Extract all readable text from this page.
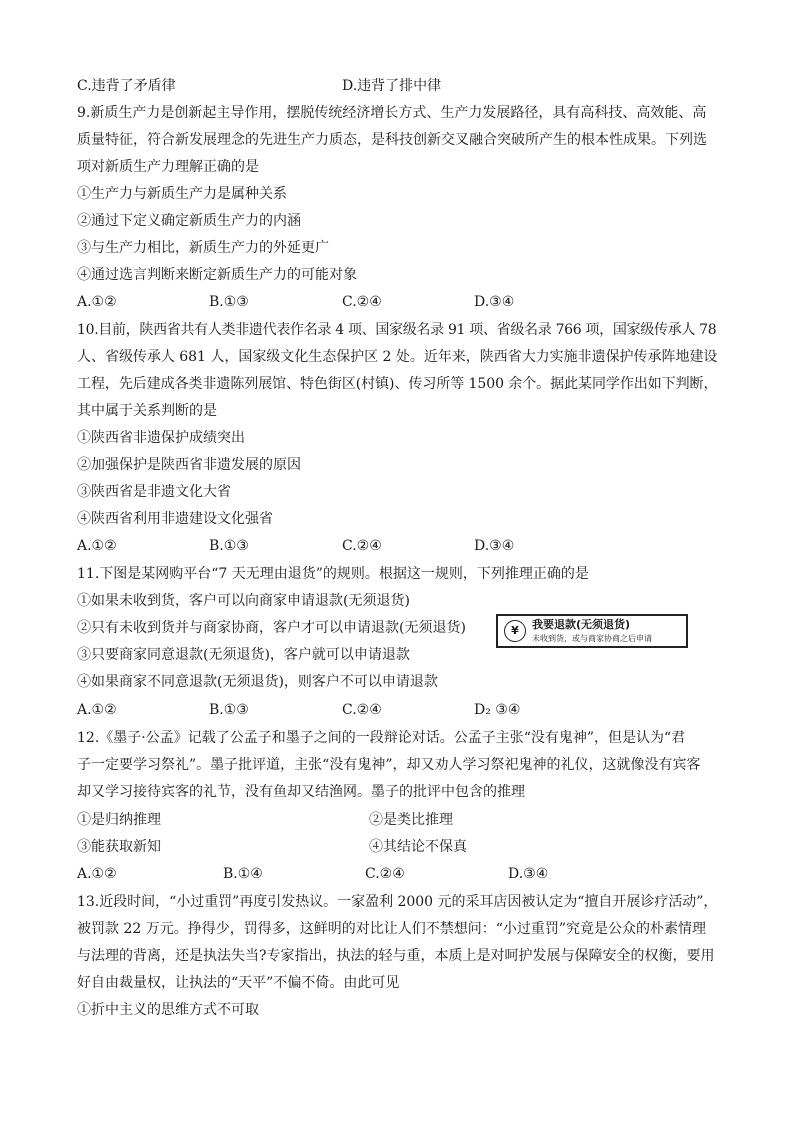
C.违背了矛盾律	D.违背了排中律
9.新质生产力是创新起主导作用，摆脱传统经济增长方式、生产力发展路径，具有高科技、高效能、高
质量特征，符合新发展理念的先进生产力质态，是科技创新交叉融合突破所产生的根本性成果。下列选
项对新质生产力理解正确的是
①生产力与新质生产力是属种关系
②通过下定义确定新质生产力的内涵
③与生产力相比，新质生产力的外延更广
④通过选言判断来断定新质生产力的可能对象
A.①②	B.①③	C.②④	D.③④
10.目前，陕西省共有人类非遗代表作名录 4 项、国家级名录 91 项、省级名录 766 项，国家级传承人 78
人、省级传承人 681 人，国家级文化生态保护区 2 处。近年来，陕西省大力实施非遗保护传承阵地建设
工程，先后建成各类非遗陈列展馆、特色街区(村镇)、传习所等 1500 余个。据此某同学作出如下判断，
其中属于关系判断的是
①陕西省非遗保护成绩突出
②加强保护是陕西省非遗发展的原因
③陕西省是非遗文化大省
④陕西省利用非遗建设文化强省
A.①②	B.①③	C.②④	D.③④
11.下图是某网购平台“7 天无理由退货”的规则。根据这一规则，下列推理正确的是
①如果未收到货，客户可以向商家申请退款(无须退货)
②只有未收到货并与商家协商，客户才可以申请退款(无须退货)
③只要商家同意退款(无须退货)，客户就可以申请退款
④如果商家不同意退款(无须退货)，则客户不可以申请退款
¥	我要退款(无须退货)
未收到货，或与商家协商之后申请
A.①②	B.①③	C.②④	D₂ ③④
12.《墨子·公孟》记载了公孟子和墨子之间的一段辩论对话。公孟子主张“没有鬼神”，但是认为“君
子一定要学习祭礼”。墨子批评道，主张“没有鬼神”，却又劝人学习祭祀鬼神的礼仪，这就像没有宾客
却又学习接待宾客的礼节，没有鱼却又结渔网。墨子的批评中包含的推理
①是归纳推理	②是类比推理
③能获取新知	④其结论不保真
A.①②	B.①④	C.②④	D.③④
13.近段时间，“小过重罚”再度引发热议。一家盈利 2000 元的采耳店因被认定为“擅自开展诊疗活动”，
被罚款 22 万元。挣得少，罚得多，这鲜明的对比让人们不禁想问：“小过重罚”究竟是公众的朴素情理
与法理的背离，还是执法失当?专家指出，执法的轻与重，本质上是对呵护发展与保障安全的权衡，要用
好自由裁量权，让执法的“天平”不偏不倚。由此可见
①折中主义的思维方式不可取
